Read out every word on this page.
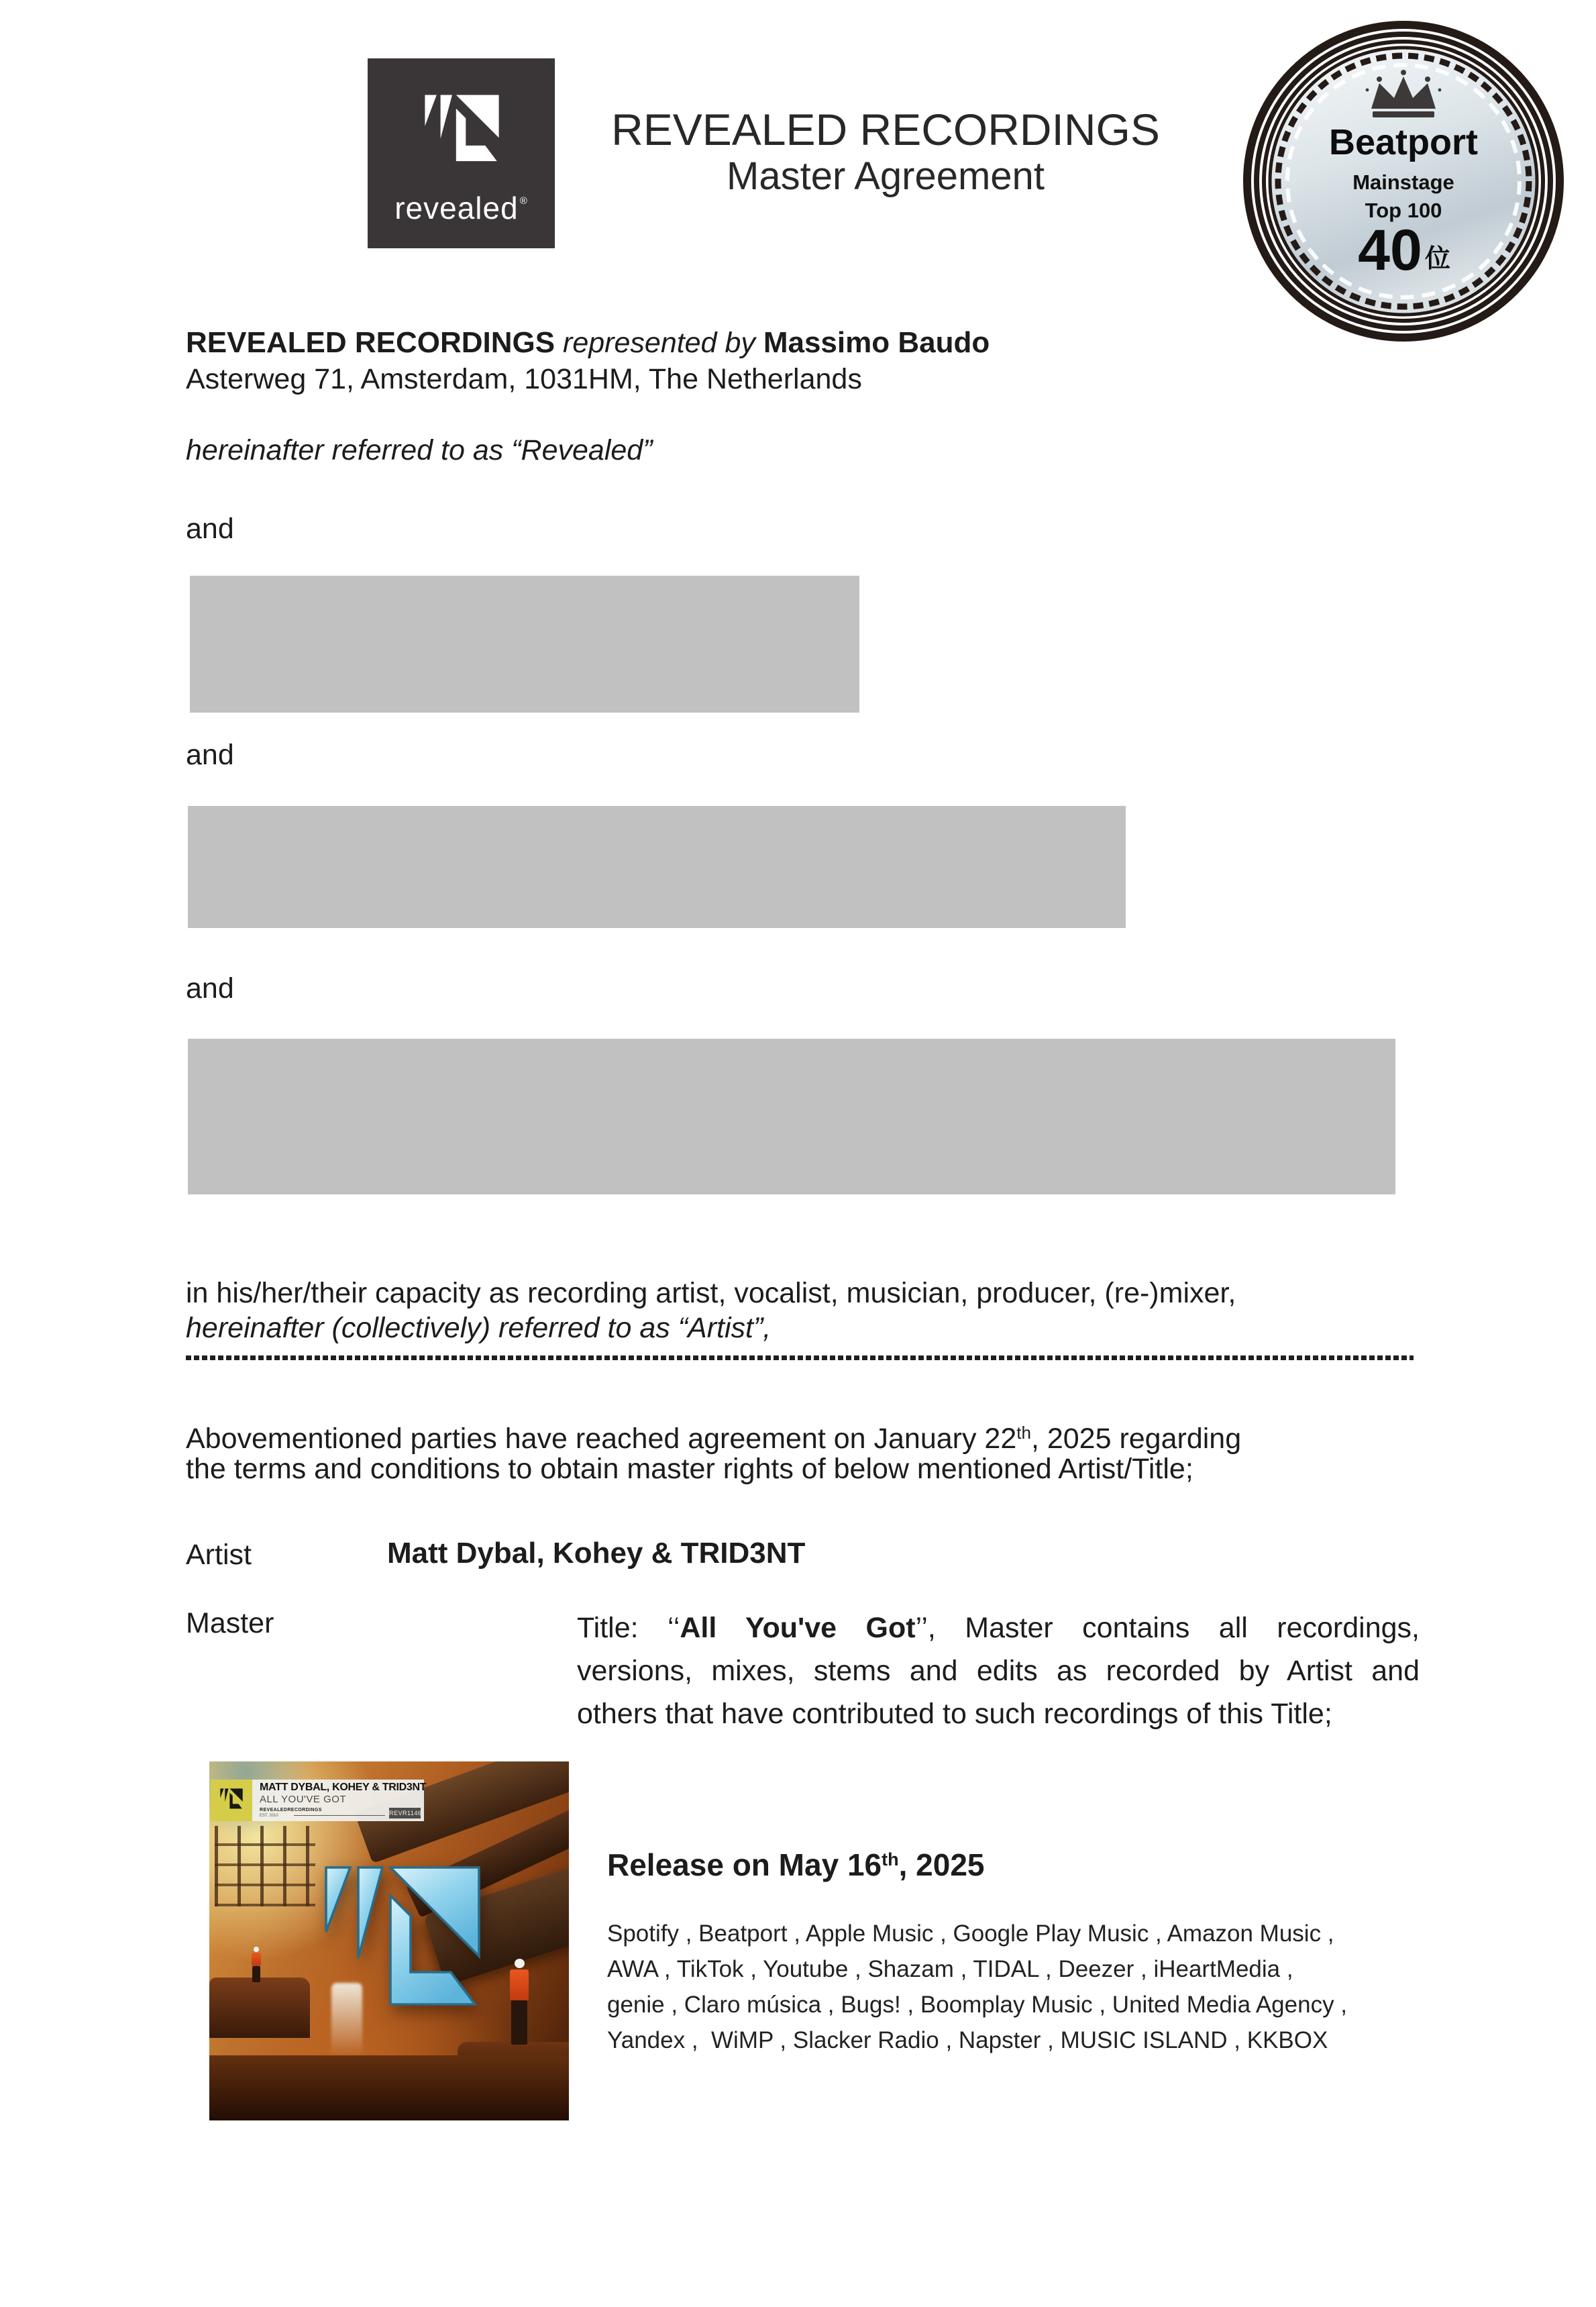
revealed ®
REVEALED RECORDINGS
Master Agreement
Beatport
Mainstage
Top 100
40 位
REVEALED RECORDINGS represented by Massimo Baudo
Asterweg 71, Amsterdam, 1031HM, The Netherlands
hereinafter referred to as “Revealed”
and
and
and
in his/her/their capacity as recording artist, vocalist, musician, producer, (re-)mixer,
hereinafter (collectively) referred to as “Artist”,
Abovementioned parties have reached agreement on January 22th, 2025 regarding
the terms and conditions to obtain master rights of below mentioned Artist/Title;
Artist	Matt Dybal, Kohey & TRID3NT
Master	Title: ‘‘All You've Got’’, Master contains all recordings,
versions, mixes, stems and edits as recorded by Artist and
others that have contributed to such recordings of this Title;
MATT DYBAL, KOHEY & TRID3NT
ALL YOU'VE GOT
REVEALEDRECORDINGS
EST. 2010	REVR1146
Release on May 16th, 2025
Spotify , Beatport , Apple Music , Google Play Music , Amazon Music ,
AWA , TikTok , Youtube , Shazam , TIDAL , Deezer , iHeartMedia ,
genie , Claro música , Bugs! , Boomplay Music , United Media Agency ,
Yandex ,  WiMP , Slacker Radio , Napster , MUSIC ISLAND , KKBOX
